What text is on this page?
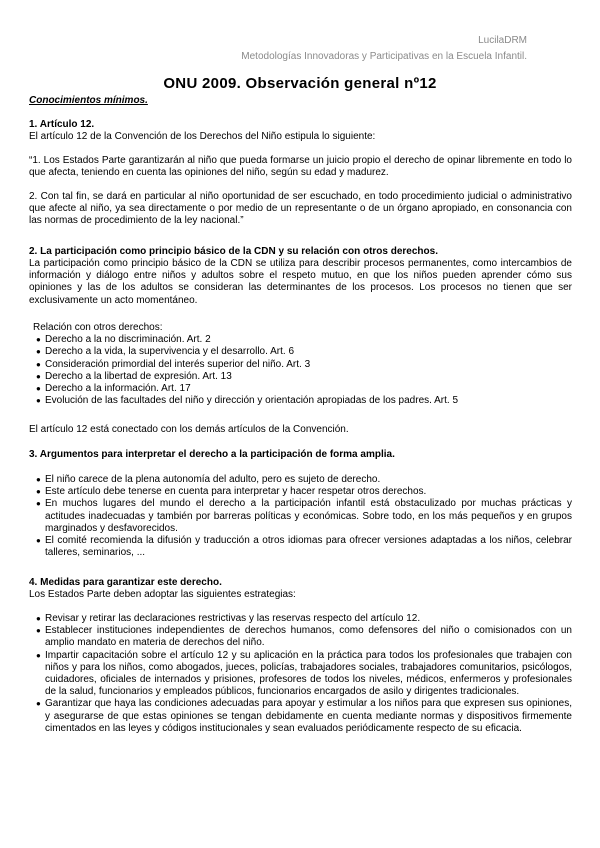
LucilaDRM
Metodologías Innovadoras y Participativas en la Escuela Infantil.
ONU 2009. Observación general nº12
Conocimientos mínimos.

1. Artículo 12.

El artículo 12 de la Convención de los Derechos del Niño estipula lo siguiente:

“1. Los Estados Parte garantizarán al niño que pueda formarse un juicio propio el derecho de opinar libremente en todo lo que afecta, teniendo en cuenta las opiniones del niño, según su edad y madurez.
2. Con tal fin, se dará en particular al niño oportunidad de ser escuchado, en todo procedimiento judicial o administrativo que afecte al niño, ya sea directamente o por medio de un representante o de un órgano apropiado, en consonancia con las normas de procedimiento de la ley nacional.”

2. La participación como principio básico de la CDN y su relación con otros derechos.

La participación como principio básico de la CDN se utiliza para describir procesos permanentes, como intercambios de información y diálogo entre niños y adultos sobre el respeto mutuo, en que los niños pueden aprender cómo sus opiniones y las de los adultos se consideran las determinantes de los procesos. Los procesos no tienen que ser exclusivamente un acto momentáneo.

Relación con otros derechos:

● Derecho a la no discriminación. Art. 2
● Derecho a la vida, la supervivencia y el desarrollo. Art. 6
● Consideración primordial del interés superior del niño. Art. 3
● Derecho a la libertad de expresión. Art. 13
● Derecho a la información. Art. 17
● Evolución de las facultades del niño y dirección y orientación apropiadas de los padres. Art. 5
El artículo 12 está conectado con los demás artículos de la Convención.

3. Argumentos para interpretar el derecho a la participación de forma amplia.

● El niño carece de la plena autonomía del adulto, pero es sujeto de derecho.
● Este artículo debe tenerse en cuenta para interpretar y hacer respetar otros derechos.
● En muchos lugares del mundo el derecho a la participación infantil está obstaculizado por muchas prácticas y actitudes inadecuadas y también por barreras políticas y económicas. Sobre todo, en los más pequeños y en grupos marginados y desfavorecidos.
● El comité recomienda la difusión y traducción a otros idiomas para ofrecer versiones adaptadas a los niños, celebrar talleres, seminarios, ...

4. Medidas para garantizar este derecho.

Los Estados Parte deben adoptar las siguientes estrategias:

● Revisar y retirar las declaraciones restrictivas y las reservas respecto del artículo 12.
● Establecer instituciones independientes de derechos humanos, como defensores del niño o comisionados con un amplio mandato en materia de derechos del niño.
● Impartir capacitación sobre el artículo 12 y su aplicación en la práctica para todos los profesionales que trabajen con niños y para los niños, como abogados, jueces, policías, trabajadores sociales, trabajadores comunitarios, psicólogos, cuidadores, oficiales de internados y prisiones, profesores de todos los niveles, médicos, enfermeros y profesionales de la salud, funcionarios y empleados públicos, funcionarios encargados de asilo y dirigentes tradicionales.
● Garantizar que haya las condiciones adecuadas para apoyar y estimular a los niños para que expresen sus opiniones, y asegurarse de que estas opiniones se tengan debidamente en cuenta mediante normas y dispositivos firmemente cimentados en las leyes y códigos institucionales y sean evaluados periódicamente respecto de su eficacia.
